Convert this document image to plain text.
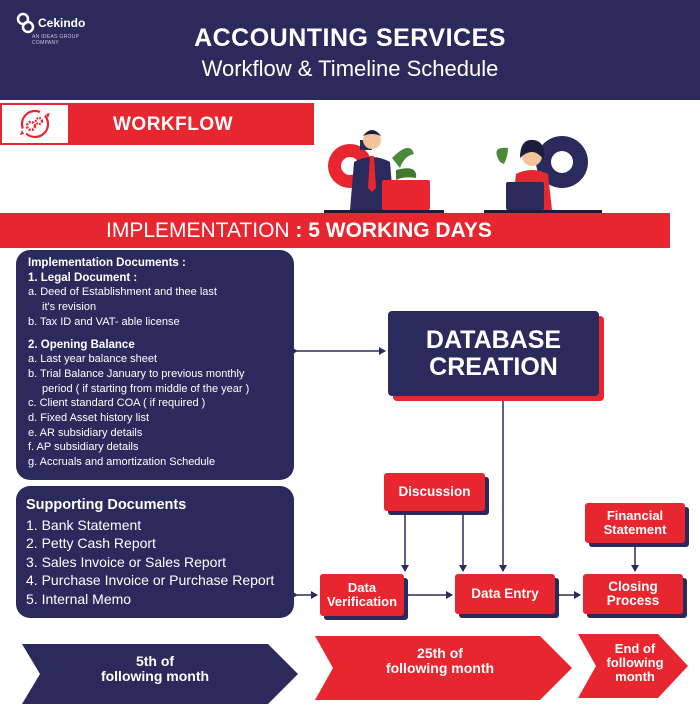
Cekindo
AN IDEAS GROUP COMPANY	ACCOUNTING SERVICES
Workflow & Timeline Schedule
WORKFLOW
IMPLEMENTATION : 5 WORKING DAYS
Implementation Documents :
1. Legal Document :
a. Deed of Establishment and thee last
it's revision
b. Tax ID and VAT- able license
2. Opening Balance
a. Last year balance sheet
b. Trial Balance January to previous monthly
period ( if starting from middle of the year )
c. Client standard COA ( if required )
d. Fixed Asset history list
e. AR subsidiary details
f. AP subsidiary details
g. Accruals and amortization Schedule
Supporting Documents
1. Bank Statement
2. Petty Cash Report
3. Sales Invoice or Sales Report
4. Purchase Invoice or Purchase Report
5. Internal Memo
DATABASE
CREATION
Discussion
Data
Verification
Data Entry
Financial
Statement
Closing
Process
5th of
following month
25th of
following month
End of
following
month
